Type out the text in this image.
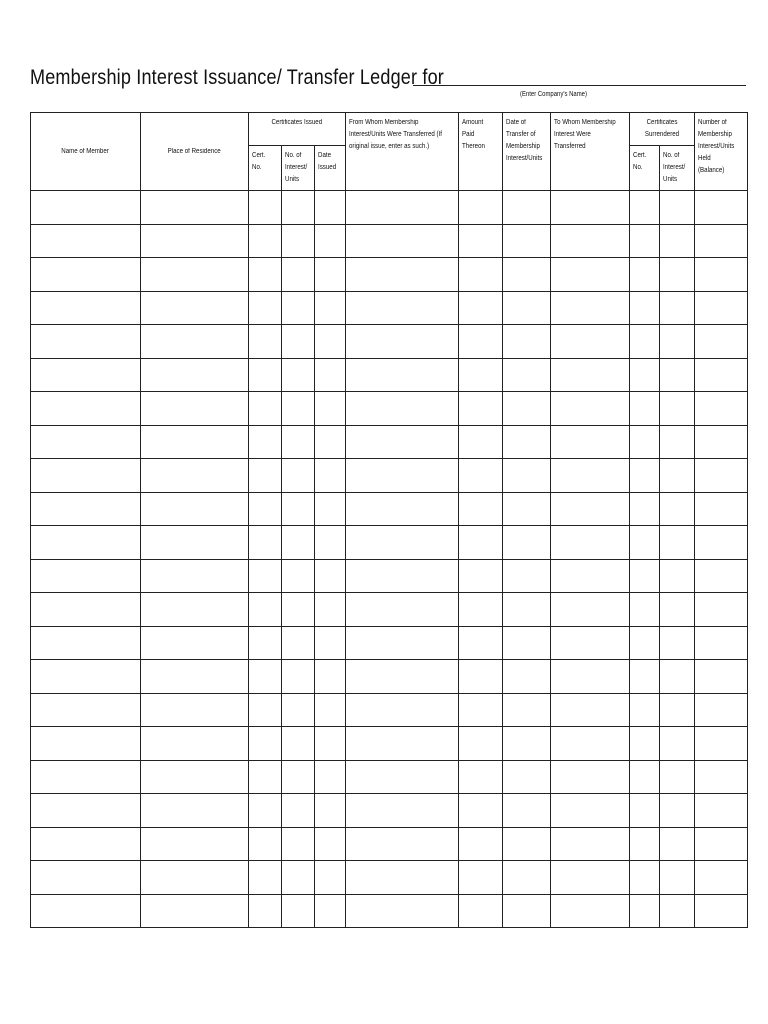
Membership Interest Issuance/ Transfer Ledger for
(Enter Company's Name)
Name of Member	Place of Residence	Certificates Issued			From Whom Membership Interest/Units Were Transferred (If original issue, enter as such.)	Amount Paid Thereon	Date of Transfer of Membership Interest/Units	To Whom Membership Interest Were Transferred	Certificates Surrendered		Number of Membership Interest/Units Held (Balance)
		Cert. No.	No. of Interest/ Units	Date Issued					Cert. No.	No. of Interest/ Units	
